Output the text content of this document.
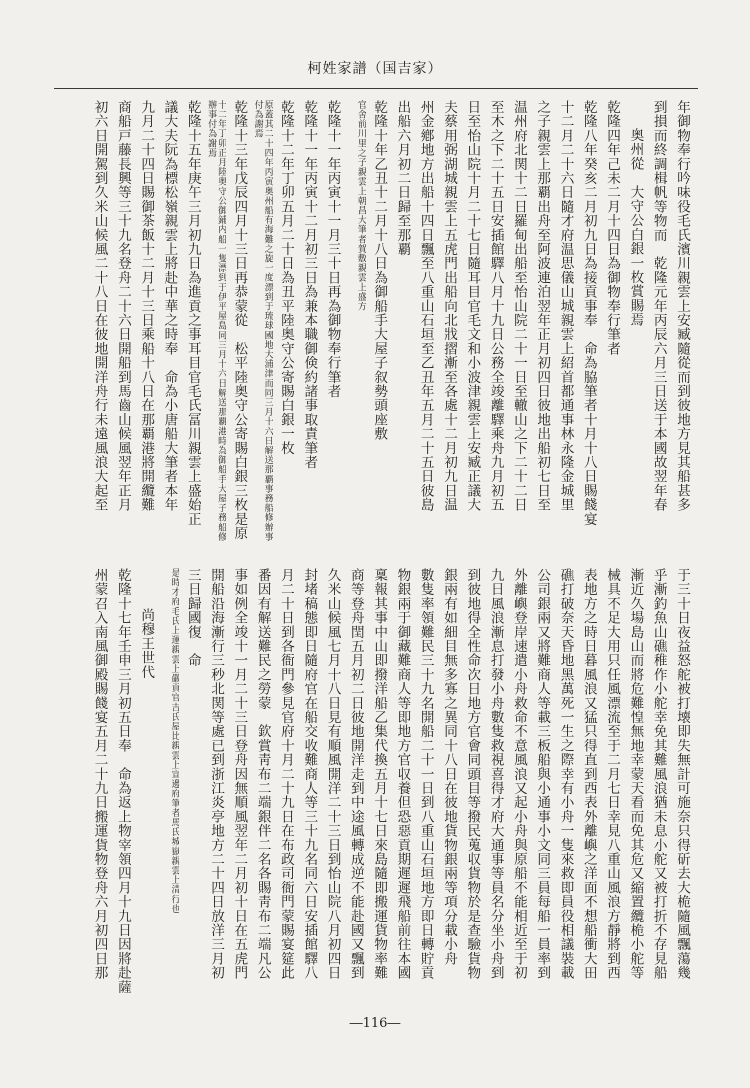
柯姓家譜（国吉家）
年御物奉行吟味役毛氏濱川親雲上安臧隨從而到彼地方見其船甚多
到損而終調楫帆等物而　乾隆元年丙辰六月三日送于本國故翌年春
奥州從　大守公白銀一枚賞賜焉
乾隆四年己未二月十四日為御物奉行筆者
乾隆八年癸亥二月初九日為接貢事奉　命為脇筆者十月十八日賜餞宴
十二月二十六日隨才府温思儀山城親雲上紹首都通事林永隆金城里
之子親雲上那覇出舟至阿波連泊翌年正月初四日彼地出船初七日至
温州府北関十二日羅甸出船至怡山院二十一日至轍山之下二十二日
至木之下二十五日安插館驛八月十九日公務全竣離驛乘舟九月初五
日至怡山院十月二十七日隨耳目官毛文和小波津親雲上安臧正議大
夫蔡用弼湖城親雲上五虎門出船向北戕摺漸至各處十二月初九日温
州金鄕地方出船十四日飄至八重山石垣至乙丑年五月二十五日彼島
出船六月初二日歸至那覇
乾隆十年乙丑十二月十八日為御船手大屋子叙勢頭座敷
官舍前川里之子親雲上朝昌大筆者賀敷親雲上盛方
乾隆十一年丙寅十一月三十日再為御物奉行筆者
乾隆十一年丙寅十二月初三日為兼本職御倹約諸事取責筆者
乾隆十二年丁卯五月二十日為丑平陸奥守公寄賜白銀一枚
原蓋其二十四年丙寅奥州船有海難之旋一度漂到于琉球國地大浦津而同三月十六日解送那覇事務船修辦事付為謝焉
乾隆十三年戊辰四月十三日再恭蒙從　松平陸奥守公寄賜白銀三枚是原
十二年丁卯正月陸奥守公御鋪内船一隻漂到于伊平屋島同三月十六日解送那覇港時為御船手大屋子務船修辦事付為謝焉
乾隆十五年庚午三月初九日為進貢之事耳目官毛氏冨川親雲上盛始正
議大夫阮為標松嶺親雲上將赴中華之時奉　命為小唐船大筆者本年
九月二十四日賜御茶飯十二月十三日乘船十八日在那覇港將開纜難
商船戸藤長興等三十九名登舟二十六日開船到馬齒山候風翌年正月
初六日開駕到久米山候風二十八日在彼地開洋舟行未遠風浪大起至
于三十日夜益怒舵被打壊即失無計可施奈只得斫去大桅隨風飄蕩幾
乎漸釣魚山礁稚作小舵幸免其難風浪猶未息小舵又被打折不存見船
漸近久場島山而將危難惶無地幸蒙天看而免其危又縮置纜桅小舵等
械具不足大用只任風漂流至于二月七日幸見八重山風浪方靜將到西
表地方之時日暮風浪又猛只得直到西表外離嶼之洋面不想船衝大田
礁打破奈天昏地黑萬死一生之際幸有小舟一隻來救即員役相議裝載
公司銀兩又將難商人等載三板船與小通事小文同三員每船一員率到
外離嶼登岸速遣小舟救命不意風浪又起小舟與原船不能相近至于初
九日風浪漸息打發小舟數隻救視喜得才府大通事等員名分坐小舟到
到彼地得全性命次日地方官會同頭目等撥民蒐収貨物於是查驗貨物
銀兩有如細目無多寡之異同十八日在彼地貨物銀兩等項分載小舟
數隻率領難民三十九名開船二十一日到八重山石垣地方即日轉貯貢
物銀兩于御藏難商人等即地方官収養但恐惡貢期遲遲飛船前往本國
稟報其事中山即撥洋船乙集代換五月十七日來島隨即搬運貨物率難
商等登舟閏五月初二日彼地開洋走到中途風轉成逆不能赴國又飄到
久米山候風七月十八日見有順風開洋二十三日到怡山院八月初四日
封堵稿態即日隨府官在船交收難商人等三十九名同六日安插館驛八
月二十日到各衙門參見官府十月二十九日在布政司衙門蒙賜宴筵此
番因有解送難民之勞蒙　欽賞靑布二端銀伴二名各賜靑布二端凡公
事如例全竣十一月二十三日登舟因無順風翌年二月初十日在五虎門
開船沿海漸行三秒北関等處已到浙江炎亭地方二十四日放洋三月初
三日歸國復　命
是時才府毛氏上運親雲上嚴貢官吉氏屋比親雲上宣邊府筆者馬氏城嶽親雲上清行也
尚穆王世代
乾隆十七年壬申三月初五日奉　命為返上物宰領四月十九日因將赴薩
州蒙召入南風御殿賜餞宴五月二十九日搬運貨物登舟六月初四日那
―116―
